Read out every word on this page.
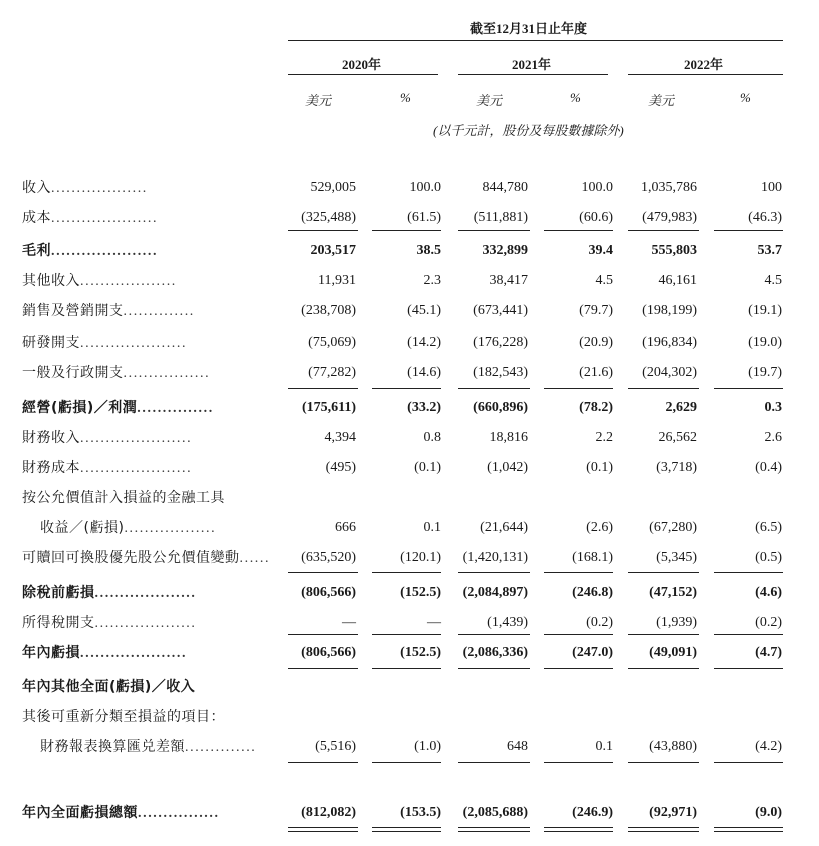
截至12月31日止年度
2020年	2021年	2022年
美元	%	美元	%	美元	%
(以千元計，股份及每股數據除外)
收入...................	529,005	100.0	844,780	100.0 1,035,786	100
成本.....................	(325,488)	(61.5) (511,881)	(60.6) (479,983)	(46.3)
毛利.....................	203,517	38.5	332,899	39.4	555,803	53.7
其他收入...................	11,931	2.3	38,417	4.5	46,161	4.5
銷售及營銷開支..............	(238,708)	(45.1) (673,441)	(79.7) (198,199)	(19.1)
研發開支.....................	(75,069)	(14.2) (176,228)	(20.9) (196,834)	(19.0)
一般及行政開支.................	(77,282)	(14.6) (182,543)	(21.6) (204,302)	(19.7)
經營(虧損)／利潤...............	(175,611)	(33.2) (660,896)	(78.2)	2,629	0.3
財務收入......................	4,394	0.8	18,816	2.2	26,562	2.6
財務成本......................	(495)	(0.1)	(1,042)	(0.1)	(3,718)	(0.4)
按公允價值計入損益的金融工具
收益／(虧損)..................	666	0.1	(21,644)	(2.6)	(67,280)	(6.5)
可贖回可換股優先股公允價值變動...... (635,520)	(120.1) (1,420,131)	(168.1)	(5,345)	(0.5)
除稅前虧損....................	(806,566)	(152.5) (2,084,897)	(246.8)	(47,152)	(4.6)
所得稅開支....................	—	—	(1,439)	(0.2)	(1,939)	(0.2)
年內虧損.....................	(806,566)	(152.5) (2,086,336)	(247.0)	(49,091)	(4.7)
年內其他全面(虧損)／收入
其後可重新分類至損益的項目：
財務報表換算匯兑差額..............	(5,516)	(1.0)	648	0.1	(43,880)	(4.2)
年內全面虧損總額................	(812,082)	(153.5) (2,085,688)	(246.9)	(92,971)	(9.0)
